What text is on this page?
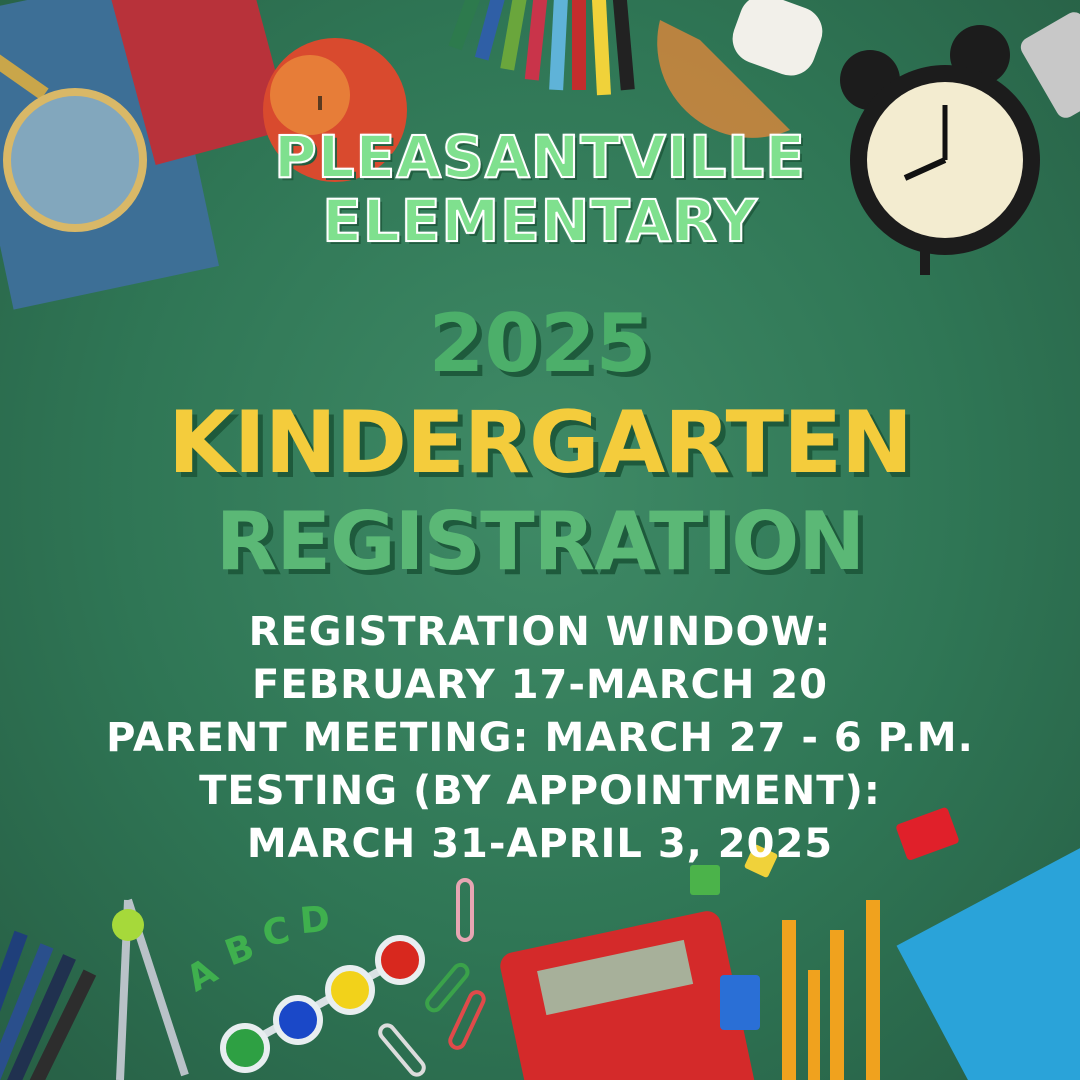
A
B C D
PLEASANTVILLE
ELEMENTARY
2025
KINDERGARTEN
REGISTRATION
REGISTRATION WINDOW:
FEBRUARY 17-MARCH 20
PARENT MEETING: MARCH 27 - 6 P.M.
TESTING (BY APPOINTMENT):
MARCH 31-APRIL 3, 2025
